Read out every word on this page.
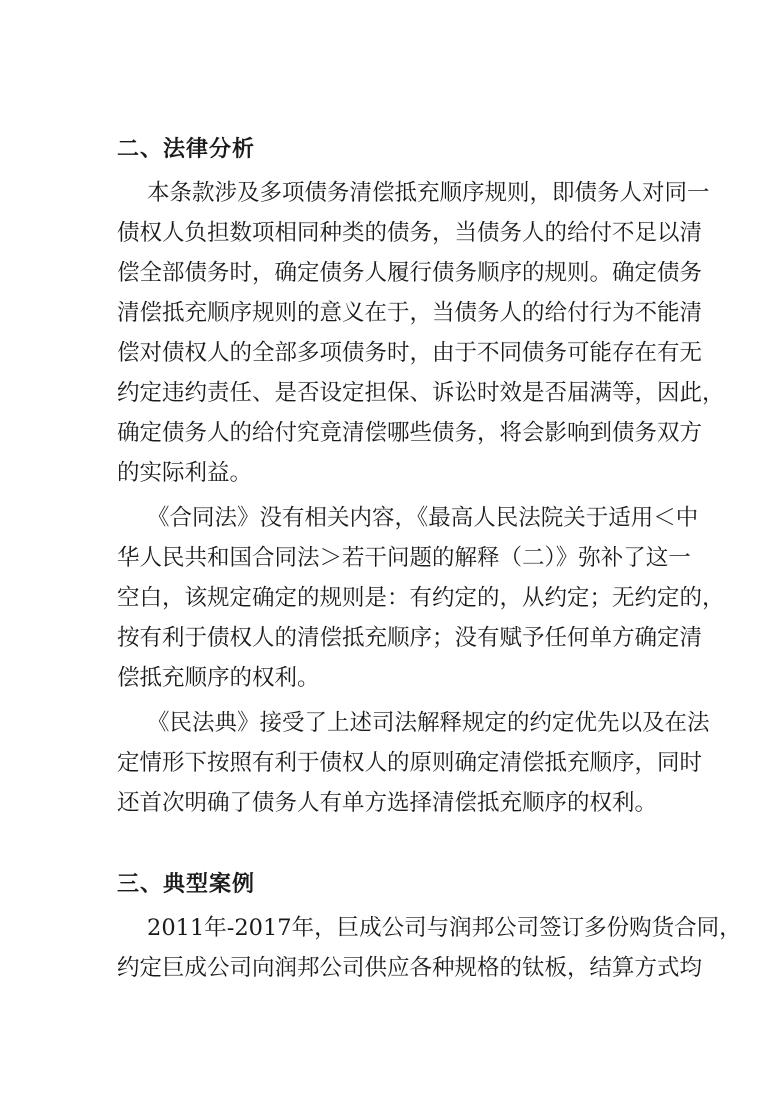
二、法律分析
本条款涉及多项债务清偿抵充顺序规则，即债务人对同一
债权人负担数项相同种类的债务，当债务人的给付不足以清
偿全部债务时，确定债务人履行债务顺序的规则。确定债务
清偿抵充顺序规则的意义在于，当债务人的给付行为不能清
偿对债权人的全部多项债务时，由于不同债务可能存在有无
约定违约责任、是否设定担保、诉讼时效是否届满等，因此，
确定债务人的给付究竟清偿哪些债务，将会影响到债务双方
的实际利益。
《合同法》没有相关内容，《最高人民法院关于适用＜中
华人民共和国合同法＞若干问题的解释（二）》弥补了这一
空白，该规定确定的规则是：有约定的，从约定；无约定的，
按有利于债权人的清偿抵充顺序；没有赋予任何单方确定清
偿抵充顺序的权利。
《民法典》接受了上述司法解释规定的约定优先以及在法
定情形下按照有利于债权人的原则确定清偿抵充顺序，同时
还首次明确了债务人有单方选择清偿抵充顺序的权利。
三、典型案例
2011年-2017年，巨成公司与润邦公司签订多份购货合同，
约定巨成公司向润邦公司供应各种规格的钛板，结算方式均
